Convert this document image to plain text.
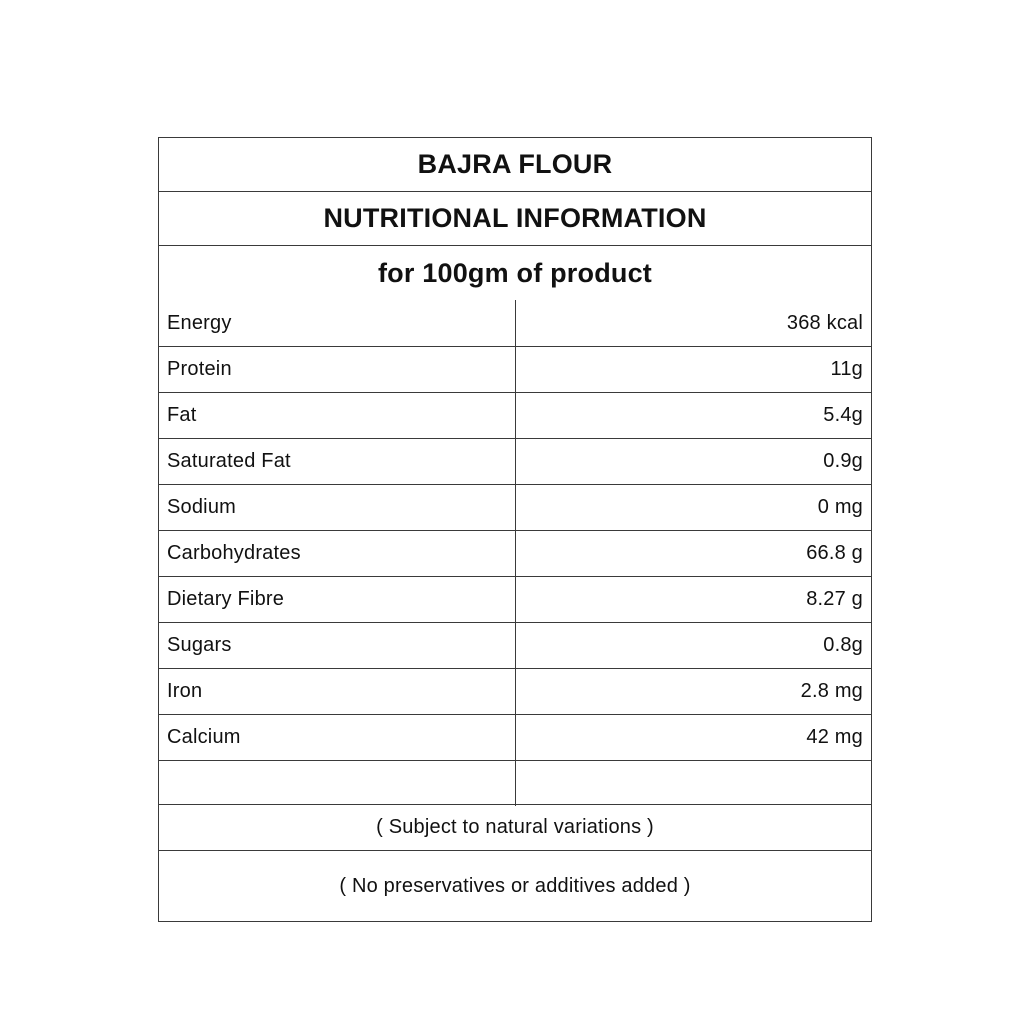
BAJRA FLOUR
NUTRITIONAL INFORMATION
for 100gm of product
Energy	368 kcal
Protein	11g
Fat	5.4g
Saturated Fat	0.9g
Sodium	0 mg
Carbohydrates	66.8 g
Dietary Fibre	8.27 g
Sugars	0.8g
Iron	2.8 mg
Calcium	42 mg
( Subject to natural variations )
( No preservatives or additives added )
